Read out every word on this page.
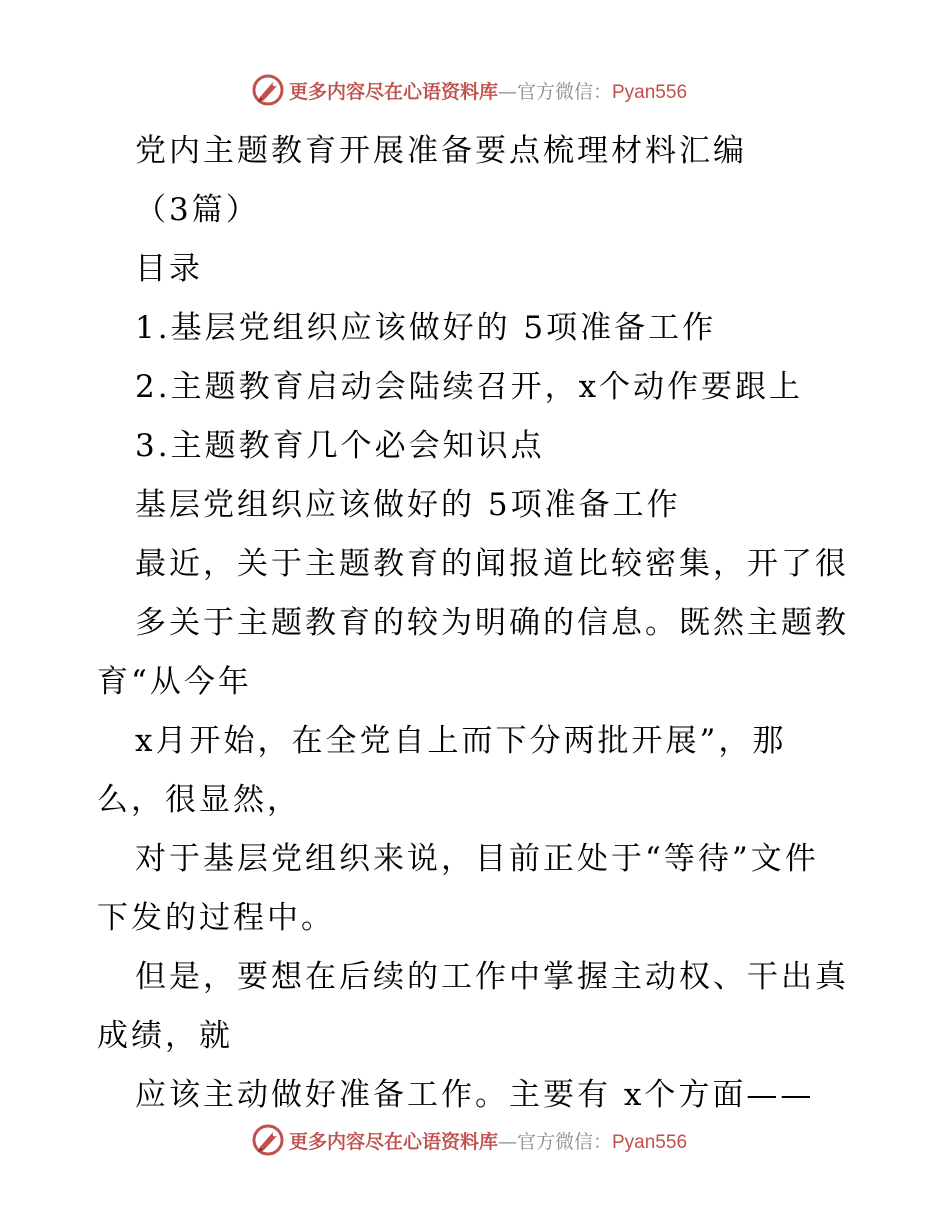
更多内容尽在心语资料库—官方微信：Pyan556

党内主题教育开展准备要点梳理材料汇编

（3篇）

目录

1.基层党组织应该做好的 5项准备工作

2.主题教育启动会陆续召开，x个动作要跟上

3.主题教育几个必会知识点

基层党组织应该做好的 5项准备工作

最近，关于主题教育的闻报道比较密集，开了很

多关于主题教育的较为明确的信息。既然主题教

育“从今年

x月开始，在全党自上而下分两批开展”，那

么，很显然，

对于基层党组织来说，目前正处于“等待”文件

下发的过程中。

但是，要想在后续的工作中掌握主动权、干出真

成绩，就

应该主动做好准备工作。主要有 x个方面——

更多内容尽在心语资料库—官方微信：Pyan556
